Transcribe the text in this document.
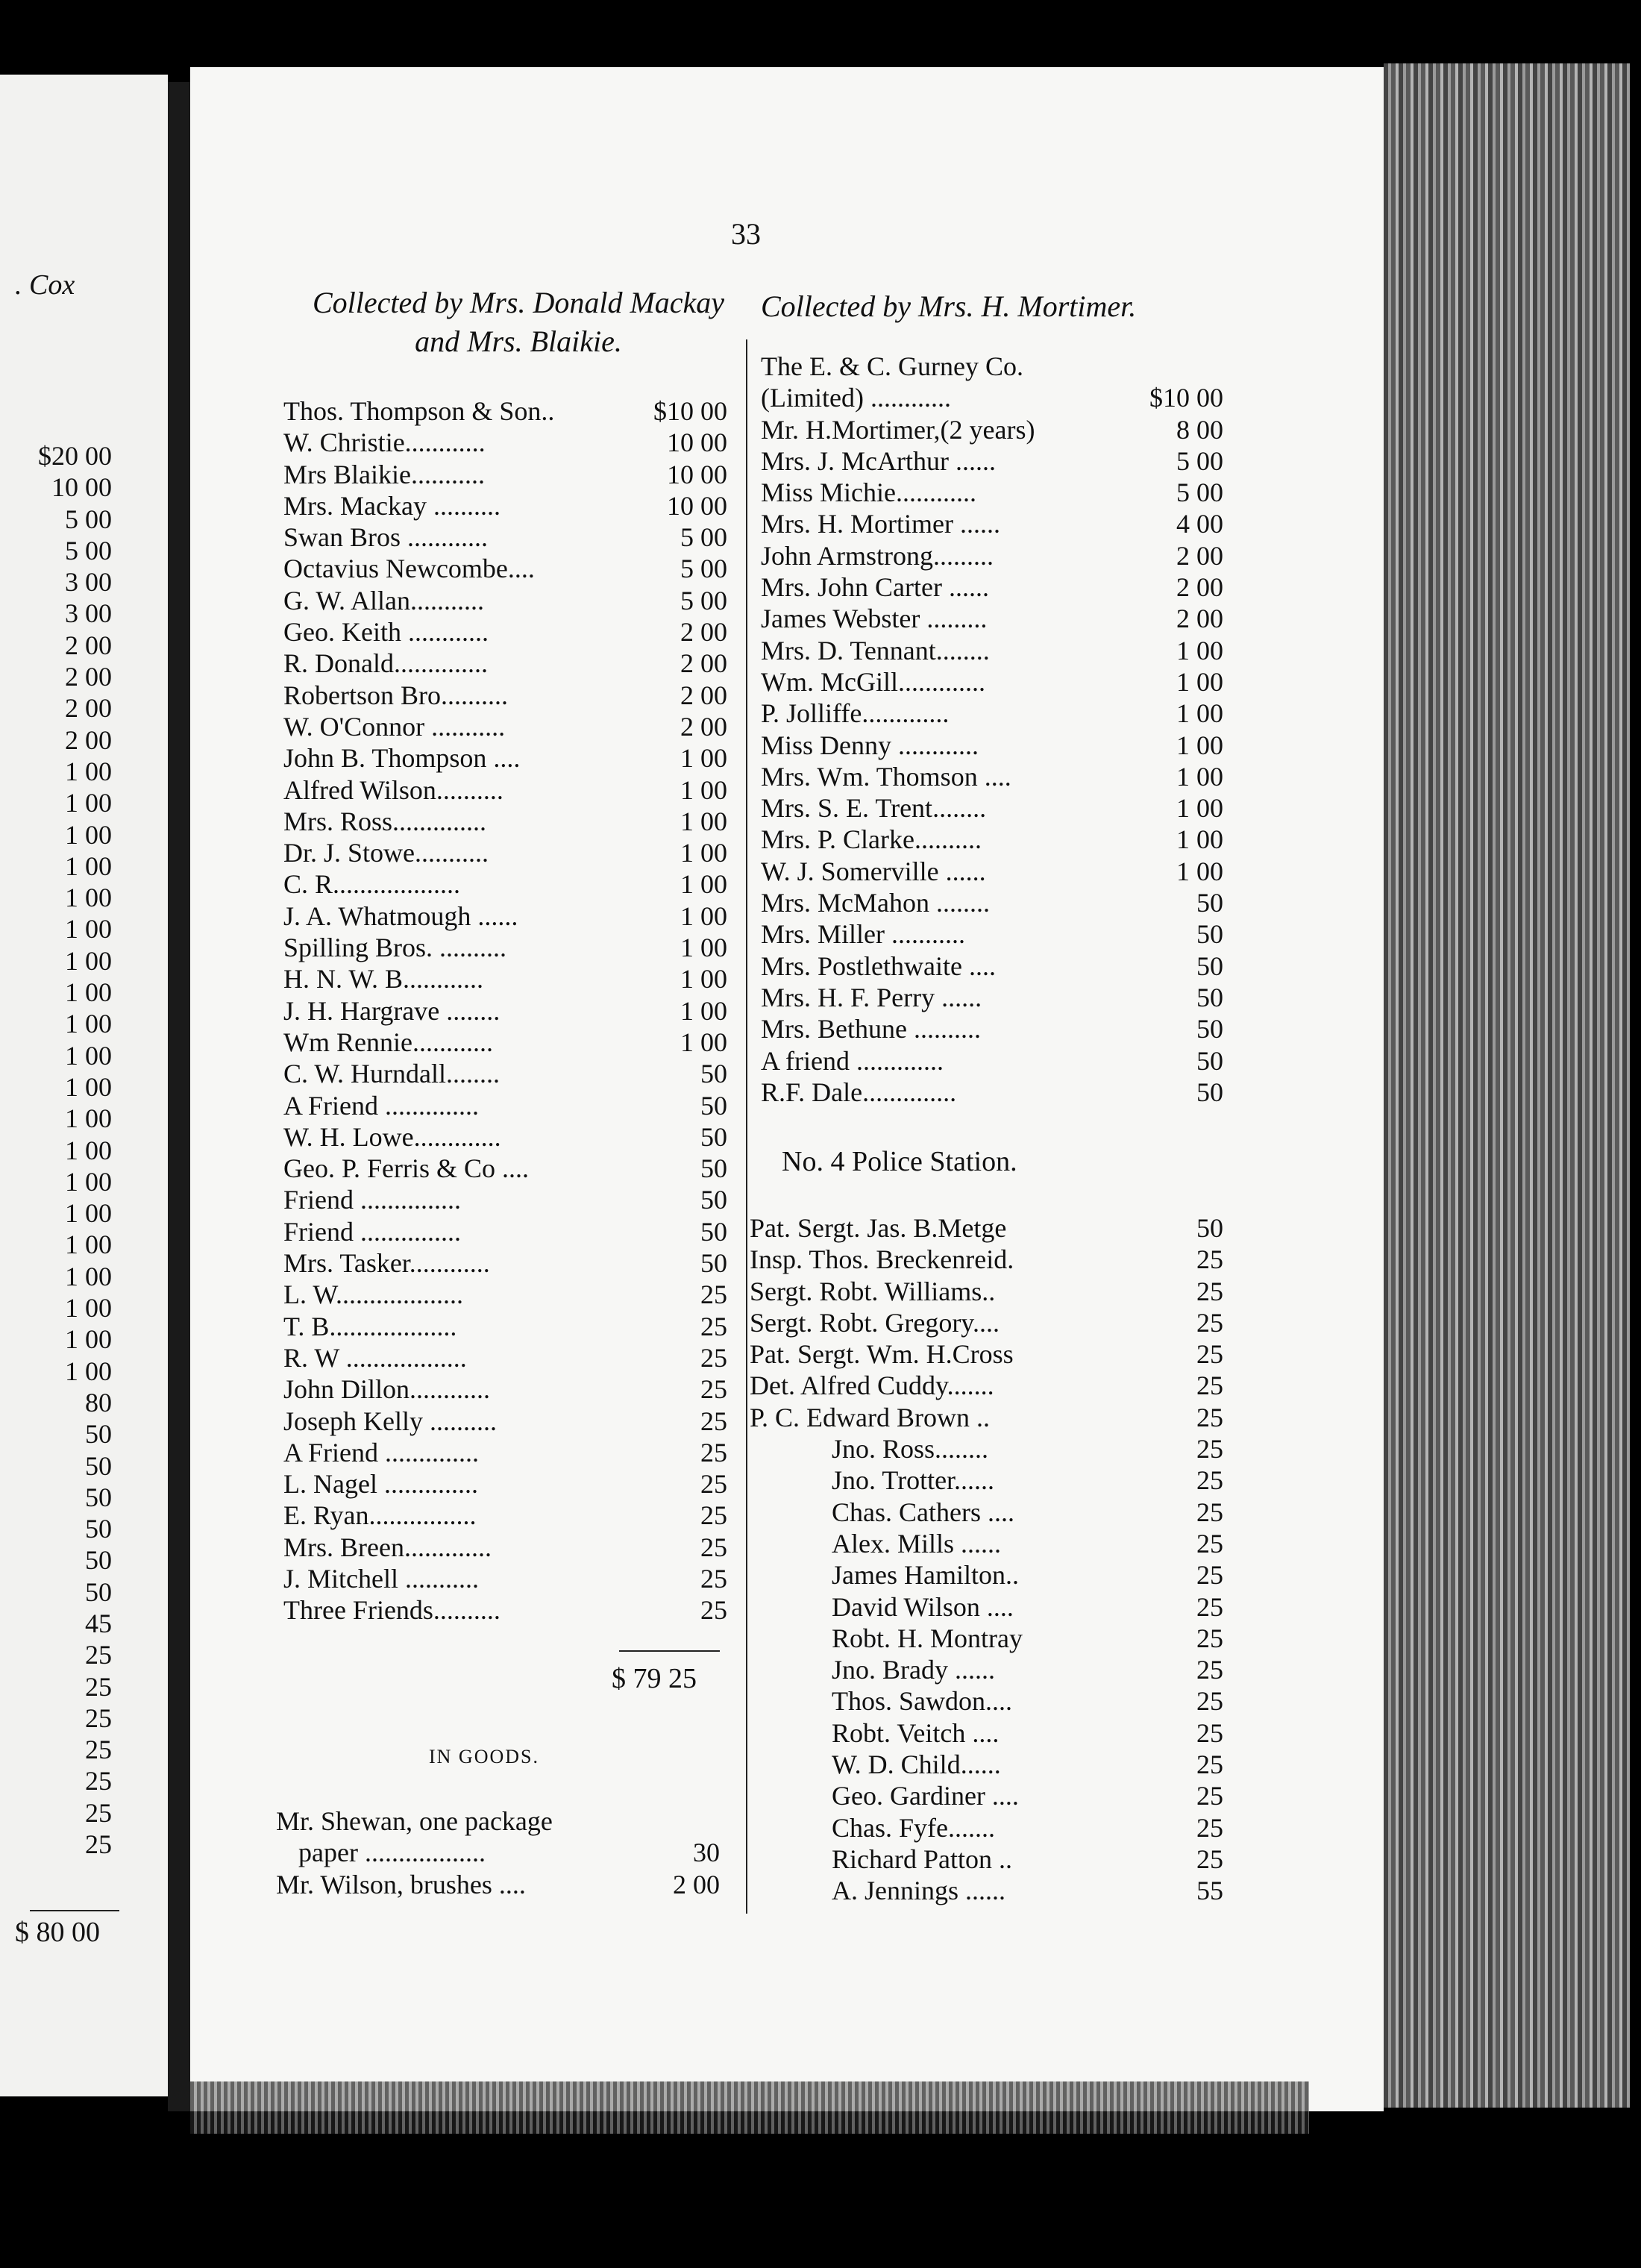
. Cox
$20 00
10 00
5 00
5 00
3 00
3 00
2 00
2 00
2 00
2 00
1 00
1 00
1 00
1 00
1 00
1 00
1 00
1 00
1 00
1 00
1 00
1 00
1 00
1 00
1 00
1 00
1 00
1 00
1 00
1 00
80
50
50
50
50
50
50
45
25
25
25
25
25
25
25
$ 80 00
33
Collected by Mrs. Donald Mackay and Mrs. Blaikie.
Collected by Mrs. H. Mortimer.
Thos. Thompson & Son..	$10 00
W. Christie............	10 00
Mrs Blaikie...........	10 00
Mrs. Mackay ..........	10 00
Swan Bros ............	5 00
Octavius Newcombe....	5 00
G. W. Allan...........	5 00
Geo. Keith ............	2 00
R. Donald..............	2 00
Robertson Bro..........	2 00
W. O'Connor ...........	2 00
John B. Thompson ....	1 00
Alfred Wilson..........	1 00
Mrs. Ross..............	1 00
Dr. J. Stowe...........	1 00
C. R...................	1 00
J. A. Whatmough ......	1 00
Spilling Bros. ..........	1 00
H. N. W. B............	1 00
J. H. Hargrave ........	1 00
Wm Rennie............	1 00
C. W. Hurndall........	50
A Friend ..............	50
W. H. Lowe.............	50
Geo. P. Ferris & Co ....	50
Friend ...............	50
Friend ...............	50
Mrs. Tasker............	50
L. W...................	25
T. B...................	25
R. W ..................	25
John Dillon............	25
Joseph Kelly ..........	25
A Friend ..............	25
L. Nagel ..............	25
E. Ryan................	25
Mrs. Breen.............	25
J. Mitchell ...........	25
Three Friends..........	25
$ 79 25
IN GOODS.
Mr. Shewan, one package
paper ..................	30
Mr. Wilson, brushes ....	2 00
The E. & C. Gurney Co.
(Limited) ............	$10 00
Mr. H.Mortimer,(2 years)	8 00
Mrs. J. McArthur ......	5 00
Miss Michie............	5 00
Mrs. H. Mortimer ......	4 00
John Armstrong.........	2 00
Mrs. John Carter ......	2 00
James Webster .........	2 00
Mrs. D. Tennant........	1 00
Wm. McGill.............	1 00
P. Jolliffe.............	1 00
Miss Denny ............	1 00
Mrs. Wm. Thomson ....	1 00
Mrs. S. E. Trent........	1 00
Mrs. P. Clarke..........	1 00
W. J. Somerville ......	1 00
Mrs. McMahon ........	50
Mrs. Miller ...........	50
Mrs. Postlethwaite ....	50
Mrs. H. F. Perry ......	50
Mrs. Bethune ..........	50
A friend .............	50
R.F. Dale..............	50
No. 4 Police Station.
Pat. Sergt. Jas. B.Metge	50
Insp. Thos. Breckenreid.	25
Sergt. Robt. Williams..	25
Sergt. Robt. Gregory....	25
Pat. Sergt. Wm. H.Cross	25
Det. Alfred Cuddy.......	25
P. C. Edward Brown ..	25
Jno. Ross........	25
Jno. Trotter......	25
Chas. Cathers ....	25
Alex. Mills ......	25
James Hamilton..	25
David Wilson ....	25
Robt. H. Montray	25
Jno. Brady ......	25
Thos. Sawdon....	25
Robt. Veitch ....	25
W. D. Child......	25
Geo. Gardiner ....	25
Chas. Fyfe.......	25
Richard Patton ..	25
A. Jennings ......	55
